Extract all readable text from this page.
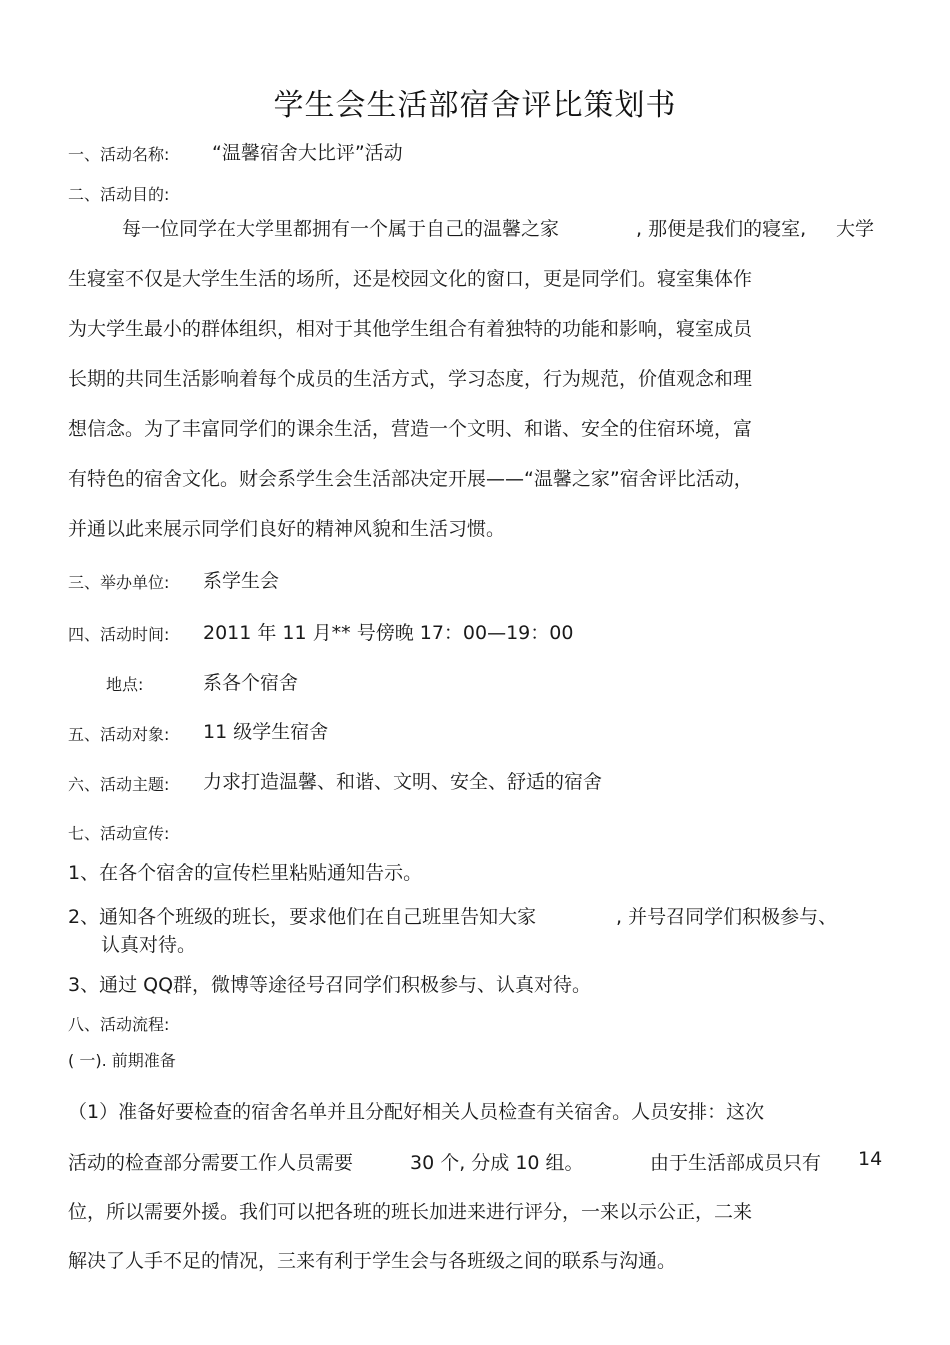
学生会生活部宿舍评比策划书
一、活动名称: “温馨宿舍大比评”活动
二、活动目的:
每一位同学在大学里都拥有一个属于自己的温馨之家	, 那便是我们的寝室, 大学
生寝室不仅是大学生生活的场所，还是校园文化的窗口，更是同学们。寝室集体作
为大学生最小的群体组织，相对于其他学生组合有着独特的功能和影响，寝室成员
长期的共同生活影响着每个成员的生活方式，学习态度，行为规范，价值观念和理
想信念。为了丰富同学们的课余生活，营造一个文明、和谐、安全的住宿环境，富
有特色的宿舍文化。财会系学生会生活部决定开展——“温馨之家”宿舍评比活动，
并通以此来展示同学们良好的精神风貌和生活习惯。
三、举办单位: 系学生会
四、活动时间: 2011 年 11 月** 号傍晚 17：00—19：00
地点:	系各个宿舍
五、活动对象: 11 级学生宿舍
六、活动主题: 力求打造温馨、和谐、文明、安全、舒适的宿舍
七、活动宣传:
1、在各个宿舍的宣传栏里粘贴通知告示。
2、通知各个班级的班长，要求他们在自己班里告知大家	, 并号召同学们积极参与、
认真对待。
3、通过 QQ群，微博等途径号召同学们积极参与、认真对待。
八、活动流程:
( 一). 前期准备
（1）准备好要检查的宿舍名单并且分配好相关人员检查有关宿舍。人员安排：这次
活动的检查部分需要工作人员需要	30 个, 分成 10 组。	由于生活部成员只有 14
位，所以需要外援。我们可以把各班的班长加进来进行评分，一来以示公正，二来
解决了人手不足的情况，三来有利于学生会与各班级之间的联系与沟通。
